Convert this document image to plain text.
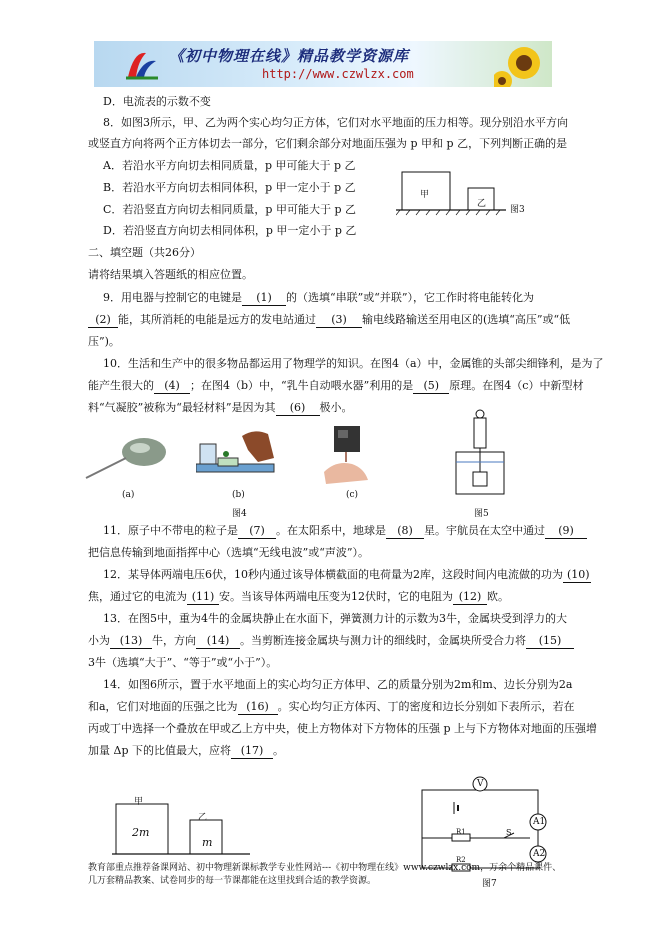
《初中物理在线》精品教学资源库
http://www.czwlzx.com
D．电流表的示数不变
8．如图3所示，甲、乙为两个实心均匀正方体，它们对水平地面的压力相等。现分别沿水平方向
或竖直方向将两个正方体切去一部分，它们剩余部分对地面压强为 p 甲和 p 乙，下列判断正确的是
A．若沿水平方向切去相同质量，p 甲可能大于 p 乙
B．若沿水平方向切去相同体积，p 甲一定小于 p 乙
C．若沿竖直方向切去相同质量，p 甲可能大于 p 乙
D．若沿竖直方向切去相同体积，p 甲一定小于 p 乙
甲
乙
图3
二、填空题（共26分）
请将结果填入答题纸的相应位置。
9．用电器与控制它的电键是 (1) 的（选填“串联”或“并联”），它工作时将电能转化为
(2) 能，其所消耗的电能是远方的发电站通过 (3) 输电线路输送至用电区的(选填“高压”或“低
压”)。
10．生活和生产中的很多物品都运用了物理学的知识。在图4（a）中，金属锥的头部尖细锋利，是为了
能产生很大的 (4) ；在图4（b）中，“乳牛自动喂水器”利用的是 (5) 原理。在图4（c）中新型材
料“气凝胶”被称为“最轻材料”是因为其 (6) 极小。
(a)	(b)	(c)
图4	图5
11．原子中不带电的粒子是 (7) 。在太阳系中，地球是 (8) 星。宇航员在太空中通过 (9)
把信息传输到地面指挥中心（选填“无线电波”或“声波”）。
12．某导体两端电压6伏，10秒内通过该导体横截面的电荷量为2库，这段时间内电流做的功为 (10)
焦，通过它的电流为 (11) 安。当该导体两端电压变为12伏时，它的电阻为 (12) 欧。
13．在图5中，重为4牛的金属块静止在水面下，弹簧测力计的示数为3牛，金属块受到浮力的大
小为 (13) 牛，方向 (14) 。当剪断连接金属块与测力计的细线时，金属块所受合力将 (15)
3牛（选填“大于”、“等于”或“小于”）。
14．如图6所示，置于水平地面上的实心均匀正方体甲、乙的质量分别为2m和m、边长分别为2a
和a，它们对地面的压强之比为 (16) 。实心均匀正方体丙、丁的密度和边长分别如下表所示，若在
丙或丁中选择一个叠放在甲或乙上方中央，使上方物体对下方物体的压强 p 上与下方物体对地面的压强增
加量 Δp 下的比值最大，应将 (17) 。
甲
乙
2m
m
V
A1
A2
R1	S
R2
教育部重点推荐备课网站、初中物理新课标教学专业性网站---《初中物理在线》www.czwlzx.com，万余个精品课件、
几万套精品教案、试卷同步的每一节课都能在这里找到合适的教学资源。	图7
